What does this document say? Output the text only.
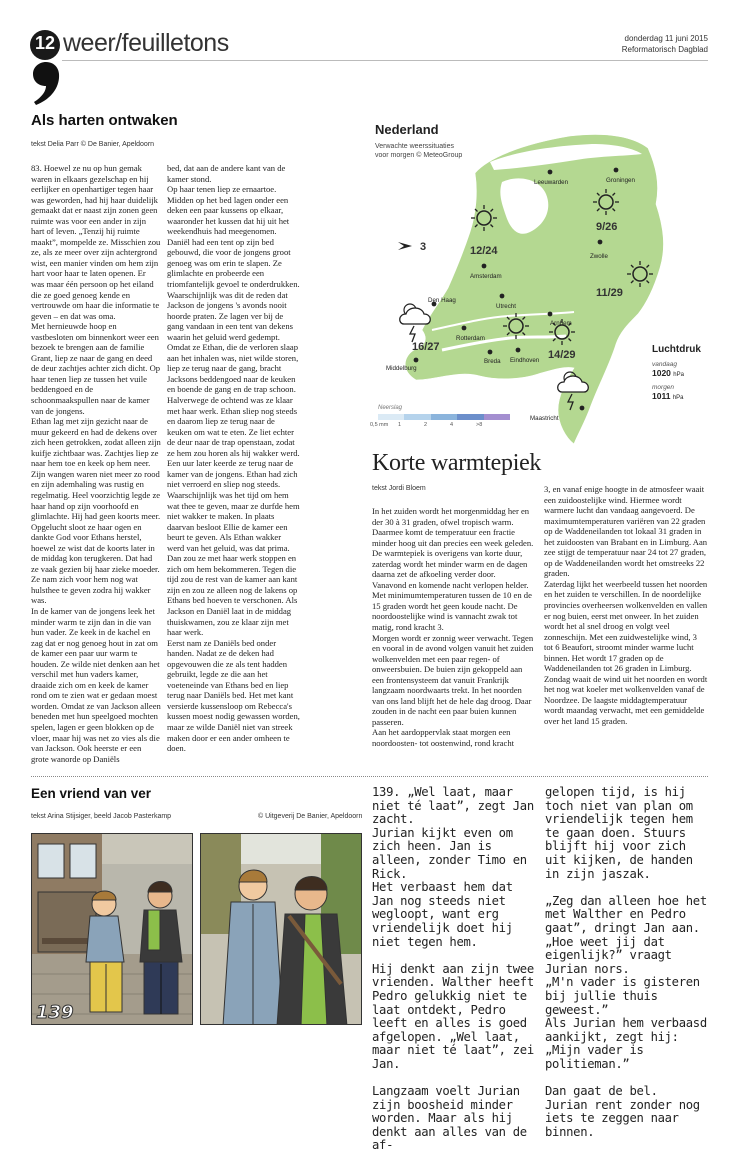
12 weer/feuilletons	donderdag 11 juni 2015
Reformatorisch Dagblad
Als harten ontwaken
tekst Delia Parr © De Banier, Apeldoorn
83. Hoewel ze nu op hun gemak waren in elkaars gezelschap en hij eerlijker en openhartiger tegen haar was geworden, had hij haar duidelijk gemaakt dat er naast zijn zonen geen ruimte was voor een ander in zijn hart of leven. „Tenzij hij ruimte maakt”, mompelde ze. Misschien zou ze, als ze meer over zijn achtergrond wist, een manier vinden om hem zijn hart voor haar te laten openen. Er was maar één persoon op het eiland die ze goed genoeg kende en vertrouwde om haar die informatie te geven – en dat was oma.
Met hernieuwde hoop en vastbesloten om binnenkort weer een bezoek te brengen aan de familie Grant, liep ze naar de gang en deed de deur zachtjes achter zich dicht. Op haar tenen liep ze tussen het vuile beddengoed en de schoonmaakspullen naar de kamer van de jongens.
Ethan lag met zijn gezicht naar de muur gekeerd en had de dekens over zich heen getrokken, zodat alleen zijn kuifje zichtbaar was. Zachtjes liep ze naar hem toe en keek op hem neer. Zijn wangen waren niet meer zo rood en zijn ademhaling was rustig en regelmatig. Heel voorzichtig legde ze haar hand op zijn voorhoofd en glimlachte. Hij had geen koorts meer. Opgelucht sloot ze haar ogen en dankte God voor Ethans herstel, hoewel ze wist dat de koorts later in de middag kon terugkeren. Dat had ze vaak gezien bij haar zieke moeder. Ze nam zich voor hem nog wat hulsthee te geven zodra hij wakker was.
In de kamer van de jongens leek het minder warm te zijn dan in die van hun vader. Ze keek in de kachel en zag dat er nog genoeg hout in zat om de kamer een paar uur warm te houden. Ze wilde niet denken aan het verschil met hun vaders kamer, draaide zich om en keek de kamer rond om te zien wat er gedaan moest worden. Omdat ze van Jackson alleen beneden met hun speelgoed mochten spelen, lagen er geen blokken op de vloer, maar hij was net zo vies als die van Jackson. Ook heerste er een grote wanorde op Daniëls
bed, dat aan de andere kant van de kamer stond.
Op haar tenen liep ze ernaartoe. Midden op het bed lagen onder een deken een paar kussens op elkaar, waaronder het kussen dat hij uit het weekendhuis had meegenomen. Daniël had een tent op zijn bed gebouwd, die voor de jongens groot genoeg was om erin te slapen. Ze glimlachte en probeerde een triomfantelijk gevoel te onderdrukken. Waarschijnlijk was dit de reden dat Jackson de jongens 's avonds nooit hoorde praten. Ze lagen ver bij de gang vandaan in een tent van dekens waarin het geluid werd gedempt.
Omdat ze Ethan, die de verloren slaap aan het inhalen was, niet wilde storen, liep ze terug naar de gang, bracht Jacksons beddengoed naar de keuken en boende de gang en de trap schoon. Halverwege de ochtend was ze klaar met haar werk. Ethan sliep nog steeds en daarom liep ze terug naar de keuken om wat te eten. Ze liet echter de deur naar de trap openstaan, zodat ze hem zou horen als hij wakker werd.
Een uur later keerde ze terug naar de kamer van de jongens. Ethan had zich niet verroerd en sliep nog steeds. Waarschijnlijk was het tijd om hem wat thee te geven, maar ze durfde hem niet wakker te maken. In plaats daarvan besloot Ellie de kamer een beurt te geven. Als Ethan wakker werd van het geluid, was dat prima. Dan zou ze met haar werk stoppen en zich om hem bekommeren. Tegen die tijd zou de rest van de kamer aan kant zijn en zou ze alleen nog de lakens op Ethans bed hoeven te verschonen. Als Jackson en Daniël laat in de middag thuiskwamen, zou ze klaar zijn met haar werk.
Eerst nam ze Daniëls bed onder handen. Nadat ze de deken had opgevouwen die ze als tent hadden gebruikt, legde ze die aan het voeteneinde van Ethans bed en liep terug naar Daniëls bed. Het met kant versierde kussensloop om Rebecca's kussen moest nodig gewassen worden, maar ze wilde Daniël niet van streek maken door er een ander omheen te doen.
Nederland
Verwachte weerssituaties voor morgen © MeteoGroup
3	12/24
9/26
11/29
16/27
14/29
Leeuwarden	Groningen
Zwolle
Amsterdam
Den Haag
Utrecht
Arnhem
Rotterdam
Breda Eindhoven
Middelburg
Maastricht
Neerslag
0,5 mm	1	2	4	>8
Luchtdruk
vandaag
1020 hPa
morgen
1011 hPa
Korte warmtepiek
tekst Jordi Bloem
In het zuiden wordt het morgenmiddag her en der 30 à 31 graden, ofwel tropisch warm. Daarmee komt de temperatuur een fractie minder hoog uit dan precies een week geleden. De warmtepiek is overigens van korte duur, zaterdag wordt het minder warm en de dagen daarna zet de afkoeling verder door.
Vanavond en komende nacht verlopen helder. Met minimumtemperaturen tussen de 10 en de 15 graden wordt het geen koude nacht. De noordoostelijke wind is vannacht zwak tot matig, rond kracht 3.
Morgen wordt er zonnig weer verwacht. Tegen en vooral in de avond volgen vanuit het zuiden wolkenvelden met een paar regen- of onweersbuien. De buien zijn gekoppeld aan een frontensysteem dat vanuit Frankrijk langzaam noordwaarts trekt. In het noorden van ons land blijft het de hele dag droog. Daar zouden in de nacht een paar buien kunnen passeren.
Aan het aardoppervlak staat morgen een noordoosten- tot oostenwind, rond kracht
3, en vanaf enige hoogte in de atmosfeer waait een zuidoostelijke wind. Hiermee wordt warmere lucht dan vandaag aangevoerd. De maximumtemperaturen variëren van 22 graden op de Waddeneilanden tot lokaal 31 graden in het zuidoosten van Brabant en in Limburg. Aan zee stijgt de temperatuur naar 24 tot 27 graden, op de Waddeneilanden wordt het omstreeks 22 graden.
Zaterdag lijkt het weerbeeld tussen het noorden en het zuiden te verschillen. In de noordelijke provincies overheersen wolkenvelden en vallen er nog buien, eerst met onweer. In het zuiden wordt het al snel droog en volgt veel zonneschijn. Met een zuidwestelijke wind, 3 tot 6 Beaufort, stroomt minder warme lucht binnen. Het wordt 17 graden op de Waddeneilanden tot 26 graden in Limburg.
Zondag waait de wind uit het noorden en wordt het nog wat koeler met wolkenvelden vanaf de Noordzee. De laagste middagtemperatuur wordt maandag verwacht, met een gemiddelde over het land 15 graden.
Een vriend van ver
tekst Arina Stijsiger, beeld Jacob Pasterkamp	© Uitgeverij De Banier, Apeldoorn
139
139. „Wel laat, maar niet té laat”, zegt Jan zacht.
Jurian kijkt even om zich heen. Jan is alleen, zonder Timo en Rick.
Het verbaast hem dat Jan nog steeds niet wegloopt, want erg vriendelijk doet hij niet tegen hem.

Hij denkt aan zijn twee vrienden. Walther heeft Pedro gelukkig niet te laat ontdekt, Pedro leeft en alles is goed afgelopen. „Wel laat, maar niet té laat”, zei Jan.

Langzaam voelt Jurian zijn boosheid minder worden. Maar als hij denkt aan alles van de af-
gelopen tijd, is hij toch niet van plan om vriendelijk tegen hem te gaan doen. Stuurs blijft hij voor zich uit kijken, de handen in zijn jaszak.

„Zeg dan alleen hoe het met Walther en Pedro gaat”, dringt Jan aan.
„Hoe weet jij dat eigenlijk?” vraagt Jurian nors.
„M'n vader is gisteren bij jullie thuis geweest.”
Als Jurian hem verbaasd aankijkt, zegt hij: „Mijn vader is politieman.”

Dan gaat de bel.
Jurian rent zonder nog iets te zeggen naar binnen.
